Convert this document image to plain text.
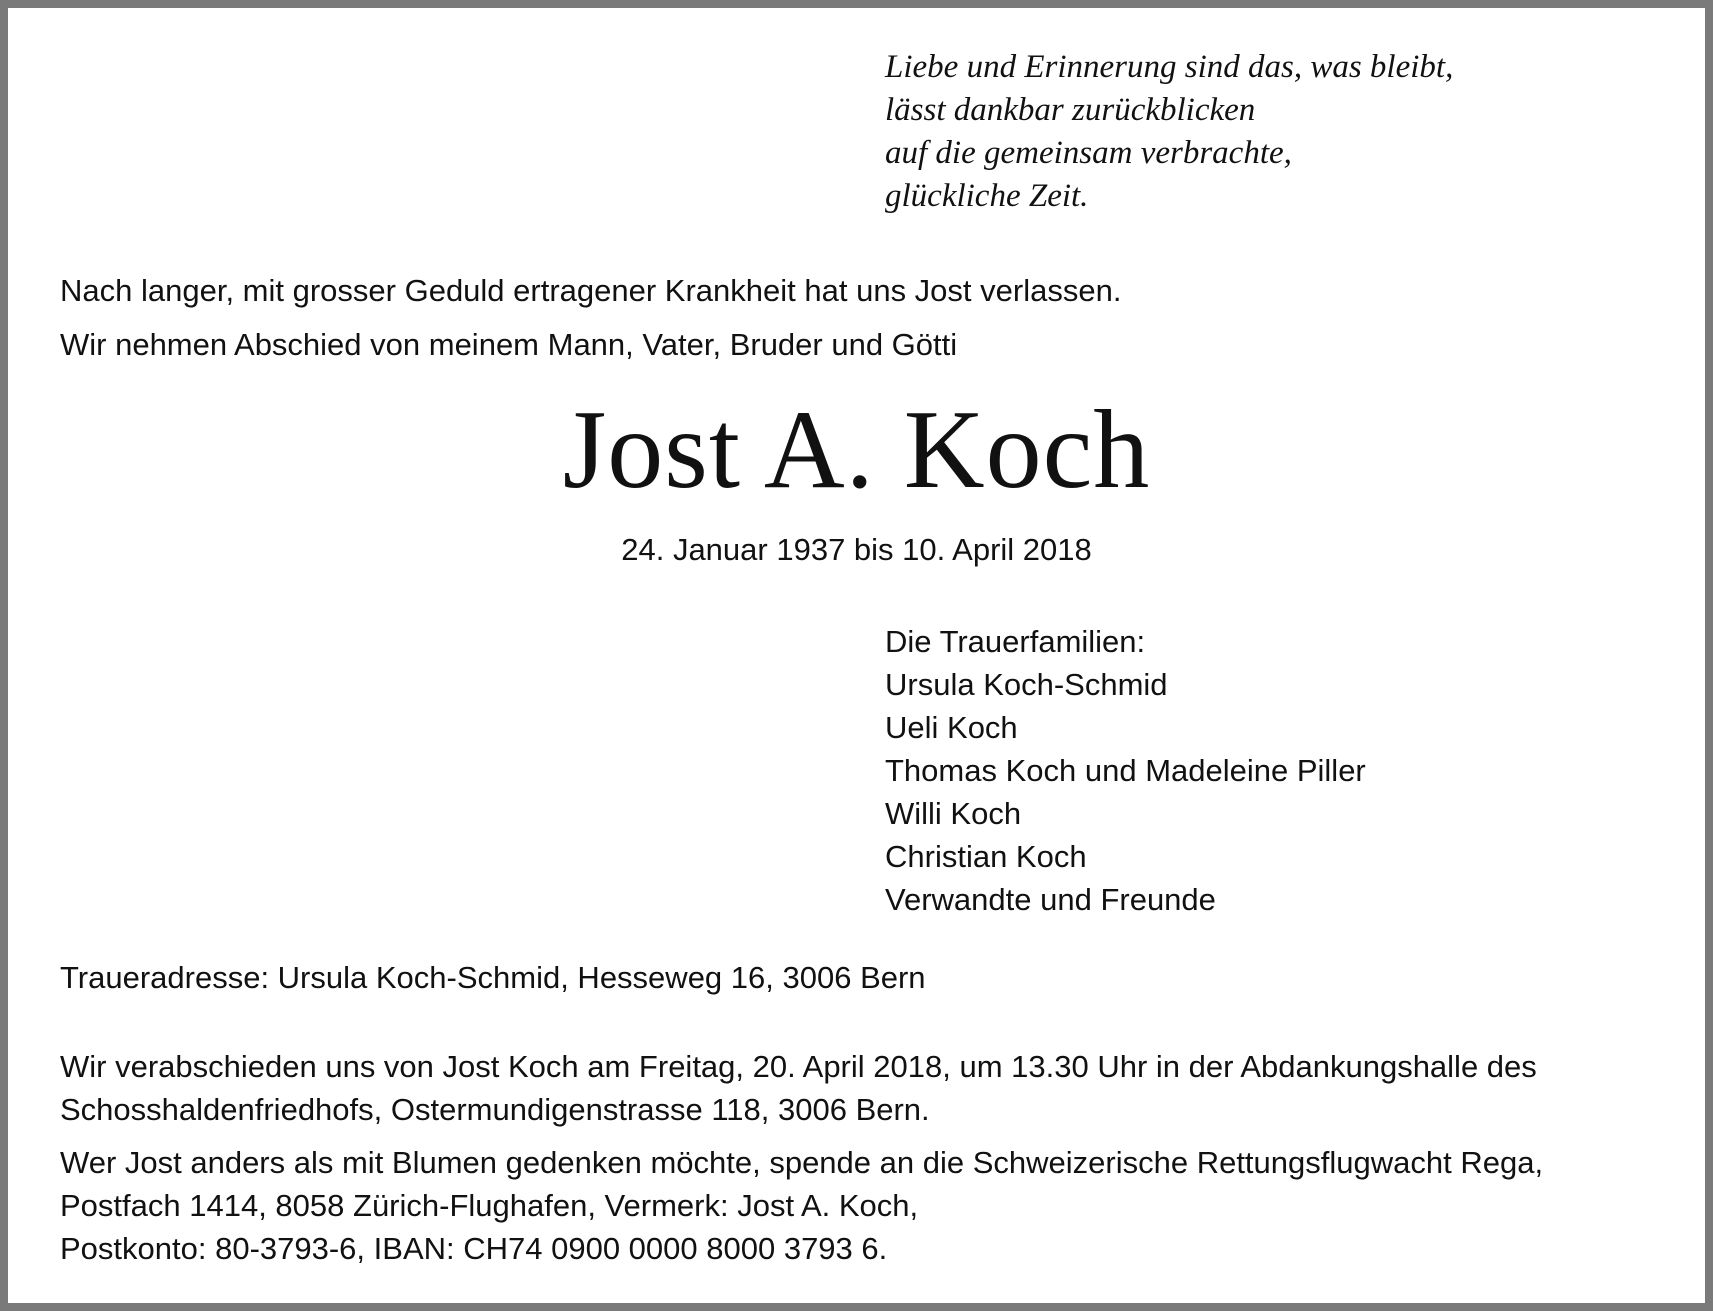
Liebe und Erinnerung sind das, was bleibt,
lässt dankbar zurückblicken
auf die gemeinsam verbrachte,
glückliche Zeit.
Nach langer, mit grosser Geduld ertragener Krankheit hat uns Jost verlassen.
Wir nehmen Abschied von meinem Mann, Vater, Bruder und Götti
Jost A. Koch
24. Januar 1937 bis 10. April 2018
Die Trauerfamilien:
Ursula Koch-Schmid
Ueli Koch
Thomas Koch und Madeleine Piller
Willi Koch
Christian Koch
Verwandte und Freunde
Traueradresse: Ursula Koch-Schmid, Hesseweg 16, 3006 Bern
Wir verabschieden uns von Jost Koch am Freitag, 20. April 2018, um 13.30 Uhr in der Abdankungshalle des
Schosshaldenfriedhofs, Ostermundigenstrasse 118, 3006 Bern.
Wer Jost anders als mit Blumen gedenken möchte, spende an die Schweizerische Rettungsflugwacht Rega,
Postfach 1414, 8058 Zürich-Flughafen, Vermerk: Jost A. Koch,
Postkonto: 80-3793-6, IBAN: CH74 0900 0000 8000 3793 6.
